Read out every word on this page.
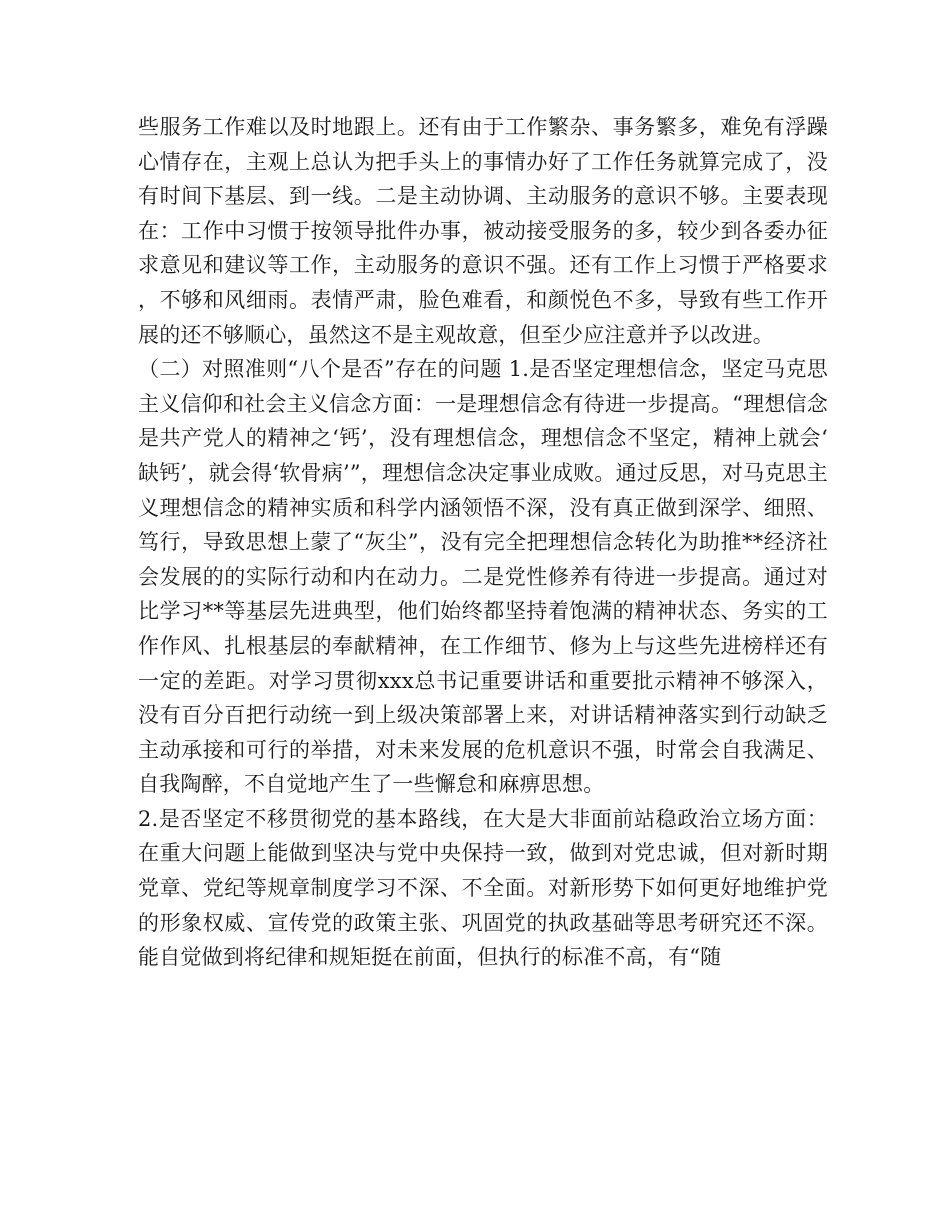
些服务工作难以及时地跟上。还有由于工作繁杂、事务繁多，难免有浮躁心情存在，主观上总认为把手头上的事情办好了工作任务就算完成了，没有时间下基层、到一线。二是主动协调、主动服务的意识不够。主要表现在：工作中习惯于按领导批件办事，被动接受服务的多，较少到各委办征求意见和建议等工作，主动服务的意识不强。还有工作上习惯于严格要求，不够和风细雨。表情严肃，脸色难看，和颜悦色不多，导致有些工作开展的还不够顺心，虽然这不是主观故意，但至少应注意并予以改进。

（二）对照准则“八个是否”存在的问题 1.是否坚定理想信念，坚定马克思主义信仰和社会主义信念方面：一是理想信念有待进一步提高。“理想信念是共产党人的精神之‘钙’，没有理想信念，理想信念不坚定，精神上就会‘缺钙’，就会得‘软骨病’”，理想信念决定事业成败。通过反思，对马克思主义理想信念的精神实质和科学内涵领悟不深，没有真正做到深学、细照、笃行，导致思想上蒙了“灰尘”，没有完全把理想信念转化为助推**经济社会发展的的实际行动和内在动力。二是党性修养有待进一步提高。通过对比学习**等基层先进典型，他们始终都坚持着饱满的精神状态、务实的工作作风、扎根基层的奉献精神，在工作细节、修为上与这些先进榜样还有一定的差距。对学习贯彻xxx总书记重要讲话和重要批示精神不够深入，没有百分百把行动统一到上级决策部署上来，对讲话精神落实到行动缺乏主动承接和可行的举措，对未来发展的危机意识不强，时常会自我满足、自我陶醉，不自觉地产生了一些懈怠和麻痹思想。

2.是否坚定不移贯彻党的基本路线，在大是大非面前站稳政治立场方面：在重大问题上能做到坚决与党中央保持一致，做到对党忠诚，但对新时期党章、党纪等规章制度学习不深、不全面。对新形势下如何更好地维护党的形象权威、宣传党的政策主张、巩固党的执政基础等思考研究还不深。能自觉做到将纪律和规矩挺在前面，但执行的标准不高，有“随
